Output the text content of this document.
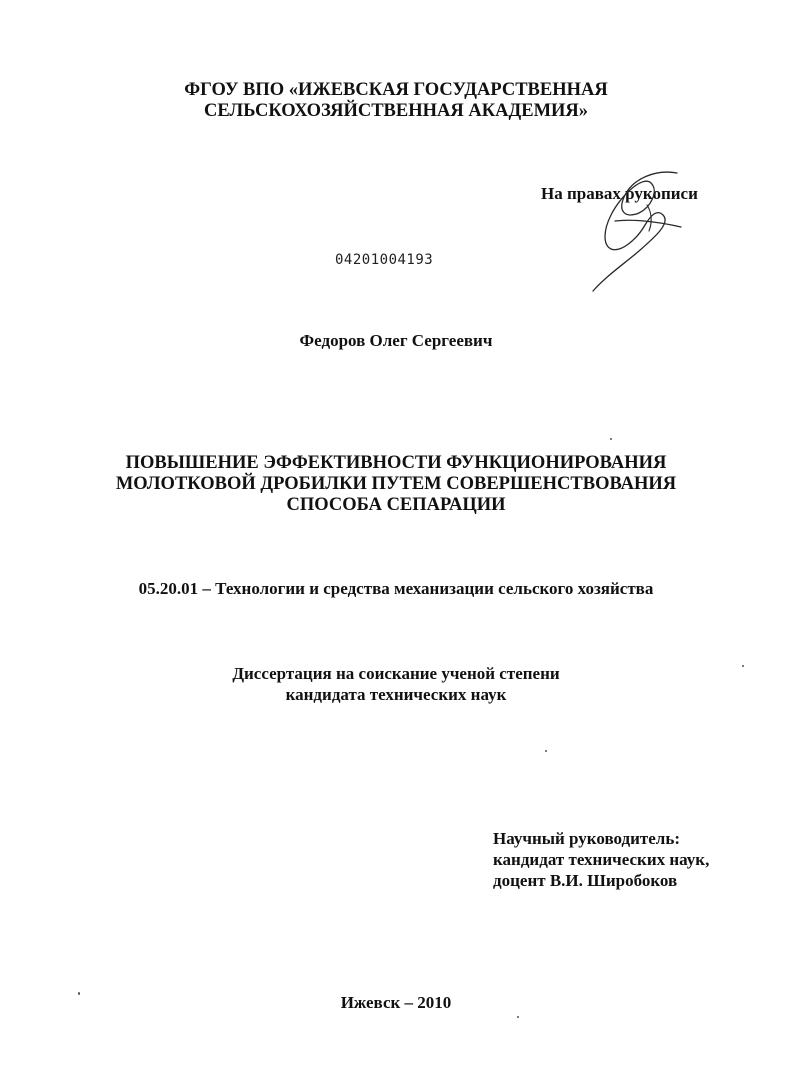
ФГОУ ВПО «ИЖЕВСКАЯ ГОСУДАРСТВЕННАЯ
СЕЛЬСКОХОЗЯЙСТВЕННАЯ АКАДЕМИЯ»
На правах рукописи
04201004193
Федоров Олег Сергеевич
ПОВЫШЕНИЕ ЭФФЕКТИВНОСТИ ФУНКЦИОНИРОВАНИЯ
МОЛОТКОВОЙ ДРОБИЛКИ ПУТЕМ СОВЕРШЕНСТВОВАНИЯ
СПОСОБА СЕПАРАЦИИ
05.20.01 – Технологии и средства механизации сельского хозяйства
Диссертация на соискание ученой степени
кандидата технических наук
Научный руководитель:
кандидат технических наук,
доцент В.И. Широбоков
Ижевск – 2010
